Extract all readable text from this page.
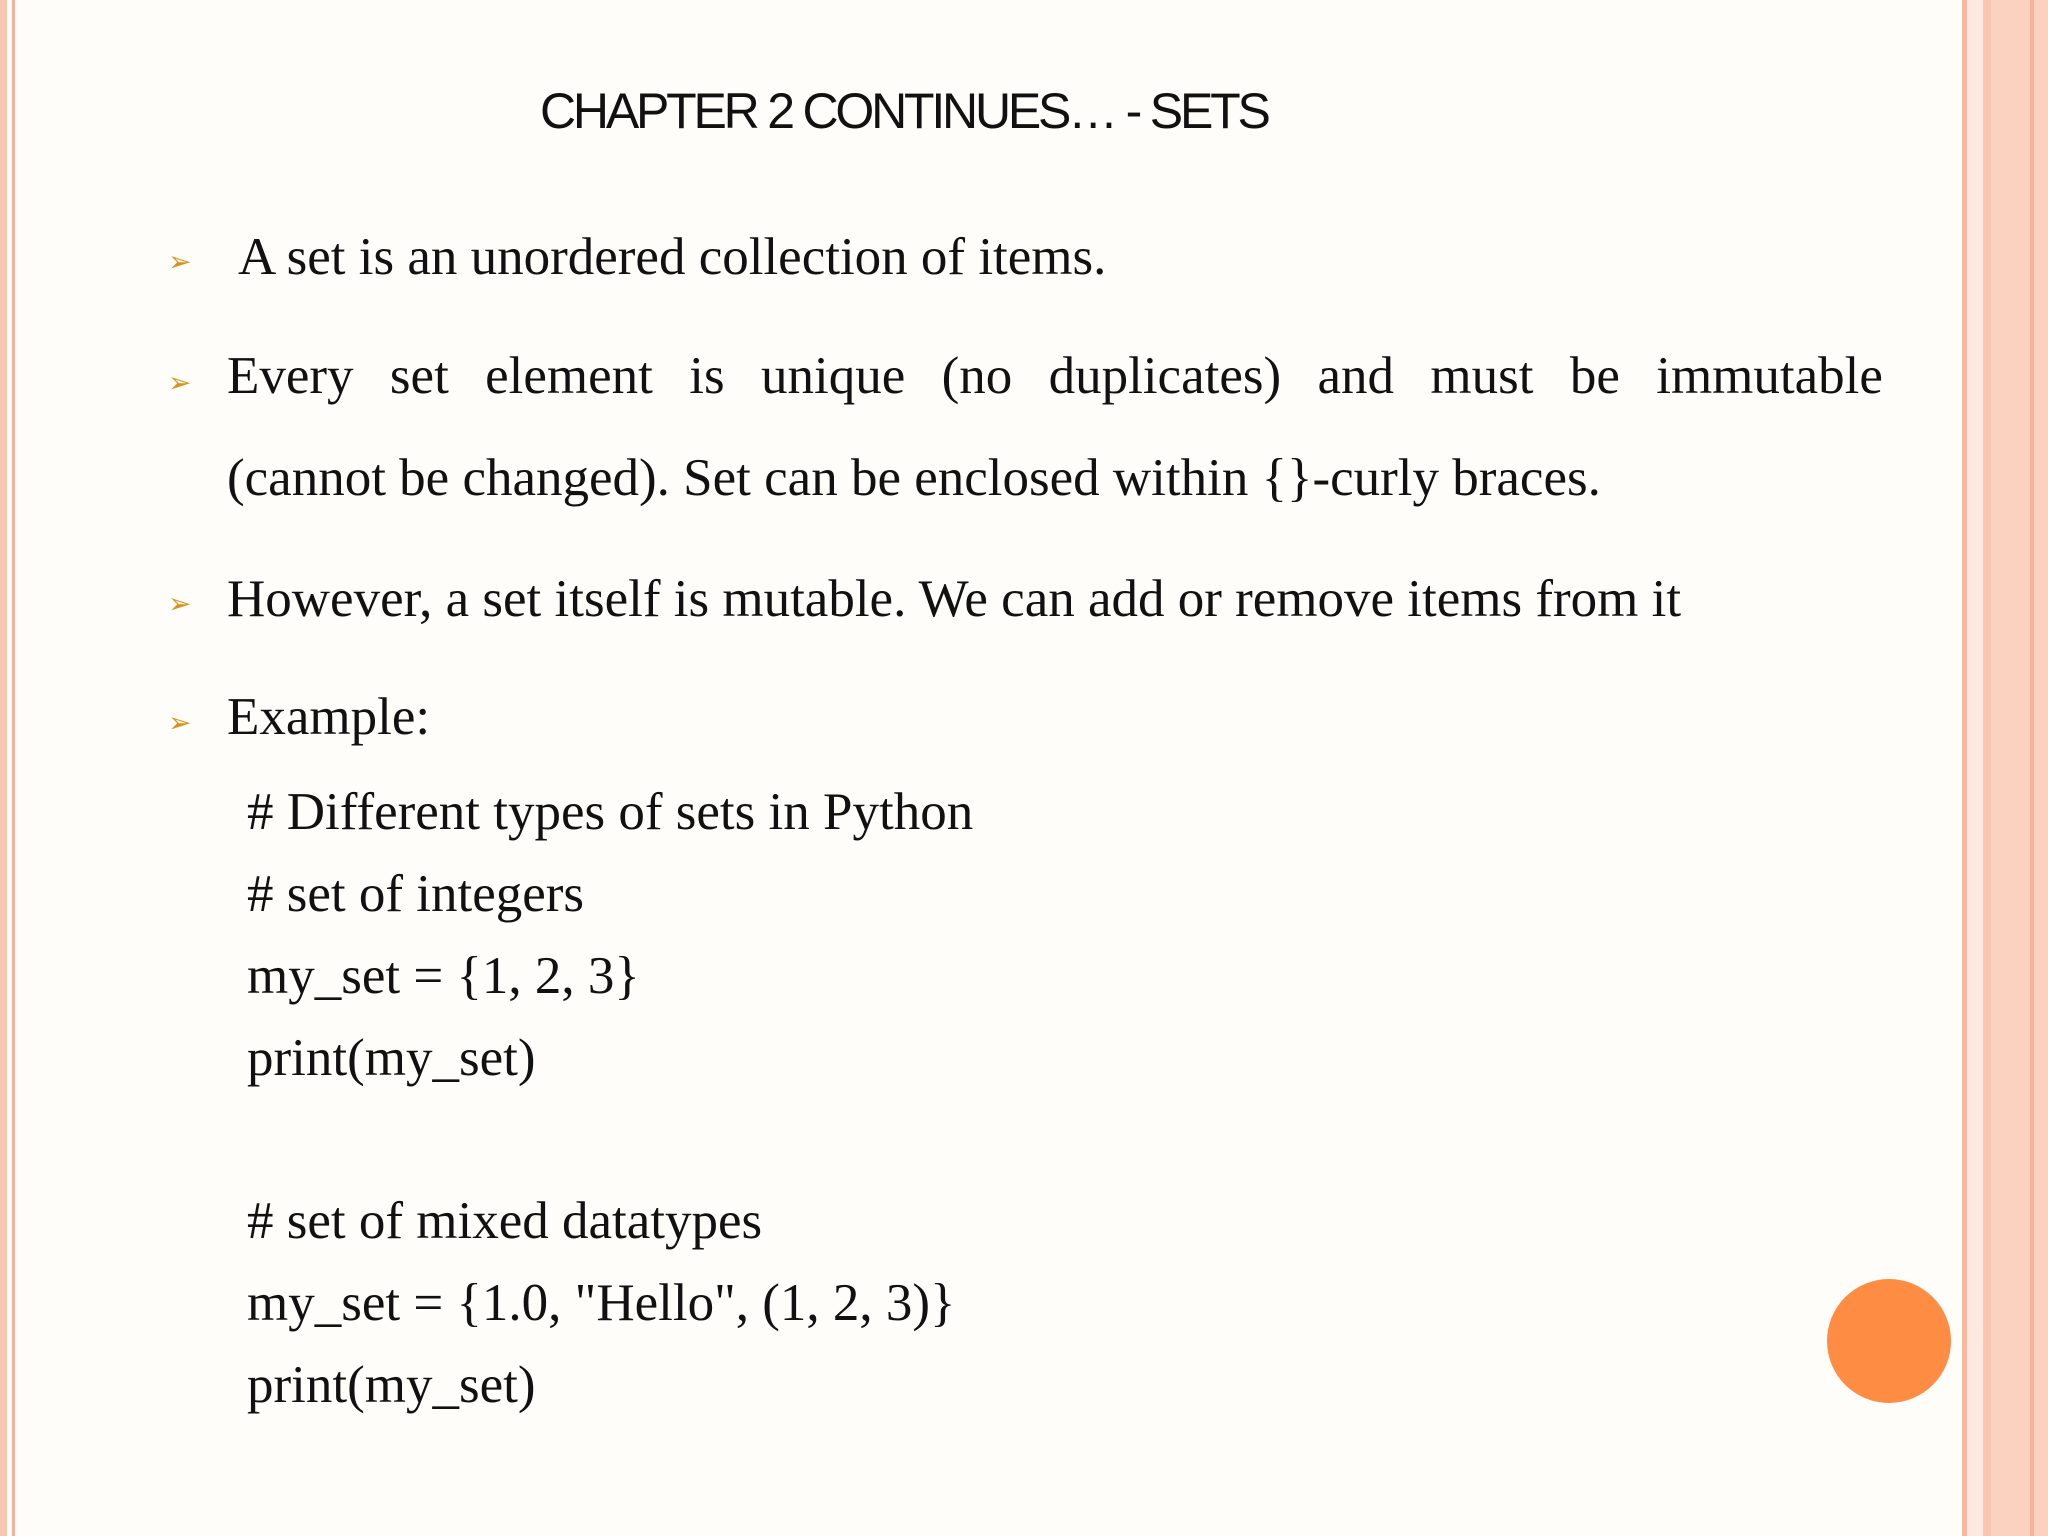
CHAPTER 2 CONTINUES… - SETS
➢ A set is an unordered collection of items.
➢ Every set element is unique (no duplicates) and must be immutable
(cannot be changed). Set can be enclosed within {}-curly braces.
➢ However, a set itself is mutable. We can add or remove items from it
➢ Example:
# Different types of sets in Python
# set of integers
my_set = {1, 2, 3}
print(my_set)
# set of mixed datatypes
my_set = {1.0, "Hello", (1, 2, 3)}
print(my_set)
